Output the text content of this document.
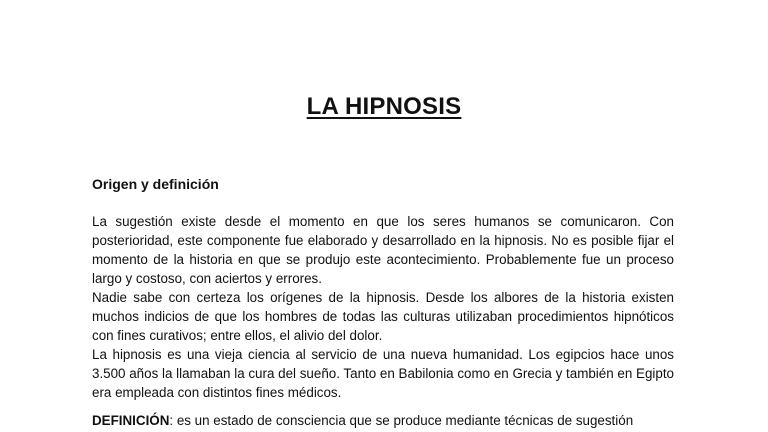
LA HIPNOSIS
Origen y definición

La sugestión existe desde el momento en que los seres humanos se comunicaron. Con posterioridad, este componente fue elaborado y desarrollado en la hipnosis. No es posible fijar el momento de la historia en que se produjo este acontecimiento. Probablemente fue un proceso largo y costoso, con aciertos y errores.

Nadie sabe con certeza los orígenes de la hipnosis. Desde los albores de la historia existen muchos indicios de que los hombres de todas las culturas utilizaban procedimientos hipnóticos con fines curativos; entre ellos, el alivio del dolor.

La hipnosis es una vieja ciencia al servicio de una nueva humanidad. Los egipcios hace unos 3.500 años la llamaban la cura del sueño. Tanto en Babilonia como en Grecia y también en Egipto era empleada con distintos fines médicos.

DEFINICIÓN: es un estado de consciencia que se produce mediante técnicas de sugestión
